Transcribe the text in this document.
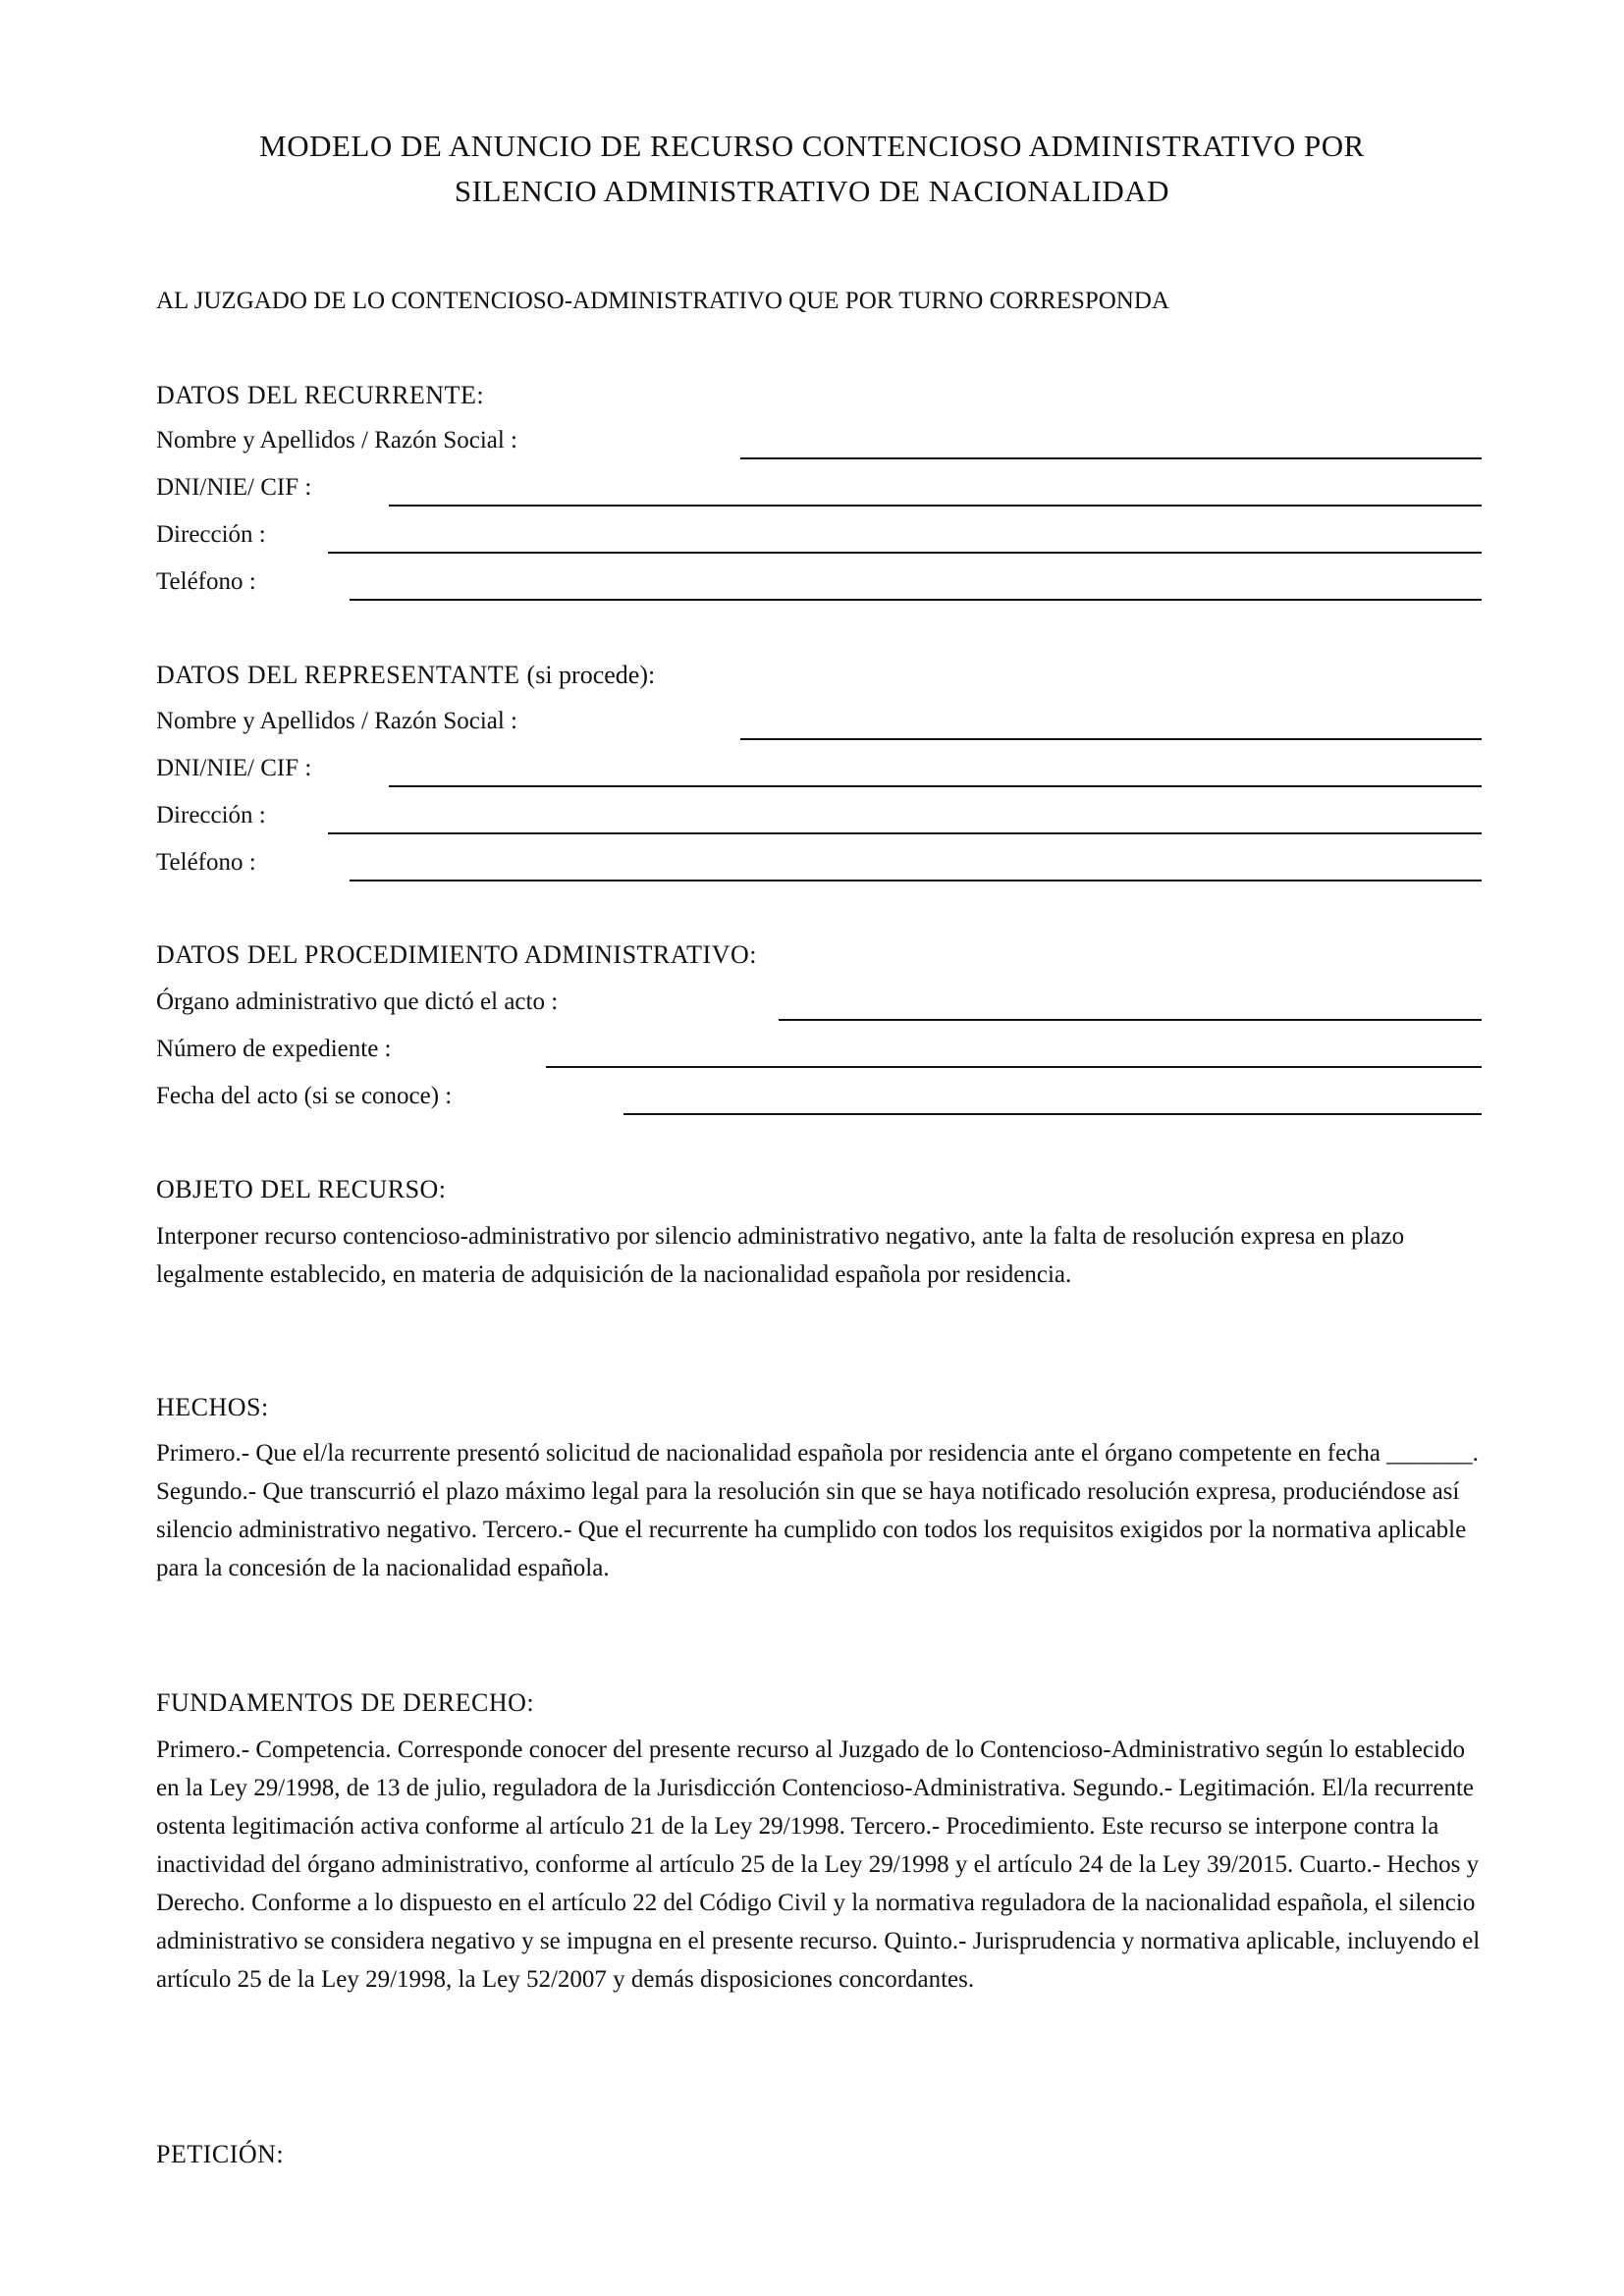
MODELO DE ANUNCIO DE RECURSO CONTENCIOSO ADMINISTRATIVO POR
SILENCIO ADMINISTRATIVO DE NACIONALIDAD
AL JUZGADO DE LO CONTENCIOSO-ADMINISTRATIVO QUE POR TURNO CORRESPONDA
DATOS DEL RECURRENTE:
Nombre y Apellidos / Razón Social :
DNI/NIE/ CIF :
Dirección :
Teléfono :
DATOS DEL REPRESENTANTE (si procede):
Nombre y Apellidos / Razón Social :
DNI/NIE/ CIF :
Dirección :
Teléfono :
DATOS DEL PROCEDIMIENTO ADMINISTRATIVO:
Órgano administrativo que dictó el acto :
Número de expediente :
Fecha del acto (si se conoce) :
OBJETO DEL RECURSO:
Interponer recurso contencioso-administrativo por silencio administrativo negativo, ante la falta de resolución expresa en plazo legalmente establecido, en materia de adquisición de la nacionalidad española por residencia.
HECHOS:
Primero.- Que el/la recurrente presentó solicitud de nacionalidad española por residencia ante el órgano competente en fecha _______. Segundo.- Que transcurrió el plazo máximo legal para la resolución sin que se haya notificado resolución expresa, produciéndose así silencio administrativo negativo. Tercero.- Que el recurrente ha cumplido con todos los requisitos exigidos por la normativa aplicable para la concesión de la nacionalidad española.
FUNDAMENTOS DE DERECHO:
Primero.- Competencia. Corresponde conocer del presente recurso al Juzgado de lo Contencioso-Administrativo según lo establecido en la Ley 29/1998, de 13 de julio, reguladora de la Jurisdicción Contencioso-Administrativa. Segundo.- Legitimación. El/la recurrente ostenta legitimación activa conforme al artículo 21 de la Ley 29/1998. Tercero.- Procedimiento. Este recurso se interpone contra la inactividad del órgano administrativo, conforme al artículo 25 de la Ley 29/1998 y el artículo 24 de la Ley 39/2015. Cuarto.- Hechos y Derecho. Conforme a lo dispuesto en el artículo 22 del Código Civil y la normativa reguladora de la nacionalidad española, el silencio administrativo se considera negativo y se impugna en el presente recurso. Quinto.- Jurisprudencia y normativa aplicable, incluyendo el artículo 25 de la Ley 29/1998, la Ley 52/2007 y demás disposiciones concordantes.
PETICIÓN:
